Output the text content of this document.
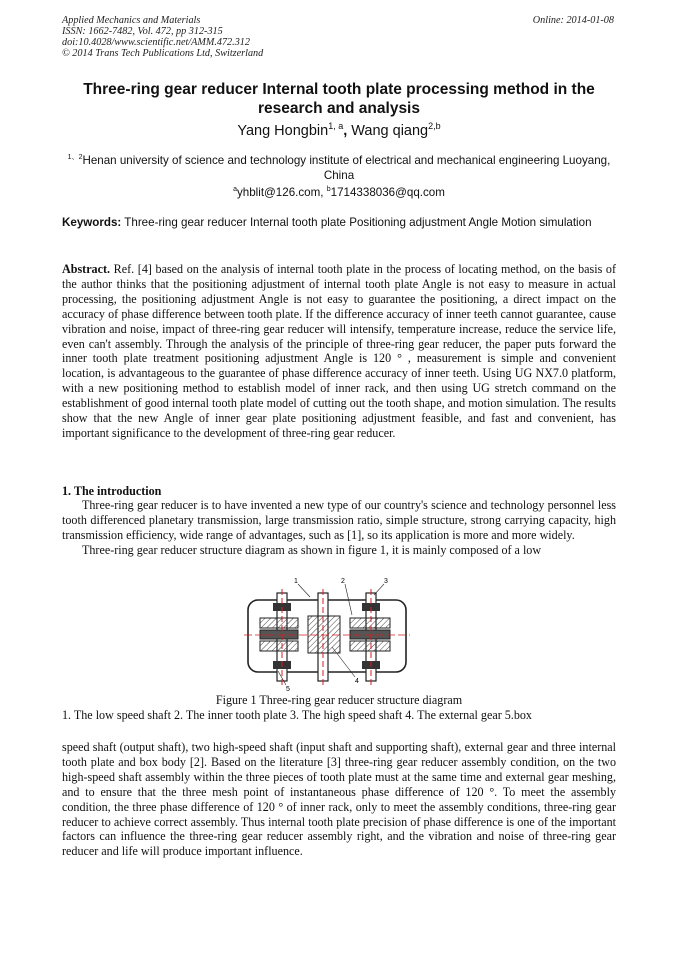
Applied Mechanics and Materials
ISSN: 1662-7482, Vol. 472, pp 312-315
doi:10.4028/www.scientific.net/AMM.472.312
© 2014 Trans Tech Publications Ltd, Switzerland
Online: 2014-01-08
Three-ring gear reducer Internal tooth plate processing method in the research and analysis
Yang Hongbin$^{1, a}$, Wang qiang$^{2,b}$
$^{1、2}$Henan university of science and technology institute of electrical and mechanical engineering Luoyang, China
$^a$yhblit@126.com, $^b$1714338036@qq.com
Keywords: Three-ring gear reducer Internal tooth plate Positioning adjustment Angle Motion simulation
Abstract. Ref. [4] based on the analysis of internal tooth plate in the process of locating method, on the basis of the author thinks that the positioning adjustment of internal tooth plate Angle is not easy to measure in actual processing, the positioning adjustment Angle is not easy to guarantee the positioning, a direct impact on the accuracy of phase difference between tooth plate. If the difference accuracy of inner teeth cannot guarantee, cause vibration and noise, impact of three-ring gear reducer will intensify, temperature increase, reduce the service life, even can't assembly. Through the analysis of the principle of three-ring gear reducer, the paper puts forward the inner tooth plate treatment positioning adjustment Angle is 120 ° , measurement is simple and convenient location, is advantageous to the guarantee of phase difference accuracy of inner teeth. Using UG NX7.0 platform, with a new positioning method to establish model of inner rack, and then using UG stretch command on the establishment of good internal tooth plate model of cutting out the tooth shape, and motion simulation. The results show that the new Angle of inner gear plate positioning adjustment feasible, and fast and convenient, has important significance to the development of three-ring gear reducer.
1. The introduction

Three-ring gear reducer is to have invented a new type of our country's science and technology personnel less tooth differenced planetary transmission, large transmission ratio, simple structure, strong carrying capacity, high transmission efficiency, wide range of advantages, such as [1], so its application is more and more widely.

Three-ring gear reducer structure diagram as shown in figure 1, it is mainly composed of a low

1	2	3
4
5
Figure 1 Three-ring gear reducer structure diagram
1. The low speed shaft 2. The inner tooth plate 3. The high speed shaft 4. The external gear 5.box

speed shaft (output shaft), two high-speed shaft (input shaft and supporting shaft), external gear and three internal tooth plate and box body [2]. Based on the literature [3] three-ring gear reducer assembly condition, on the two high-speed shaft assembly within the three pieces of tooth plate must at the same time and external gear meshing, and to ensure that the three mesh point of instantaneous phase difference of 120 °. To meet the assembly condition, the three phase difference of 120 ° of inner rack, only to meet the assembly conditions, three-ring gear reducer to achieve correct assembly. Thus internal tooth plate precision of phase difference is one of the important factors can influence the three-ring gear reducer assembly right, and the vibration and noise of three-ring gear reducer and life will produce important influence.
